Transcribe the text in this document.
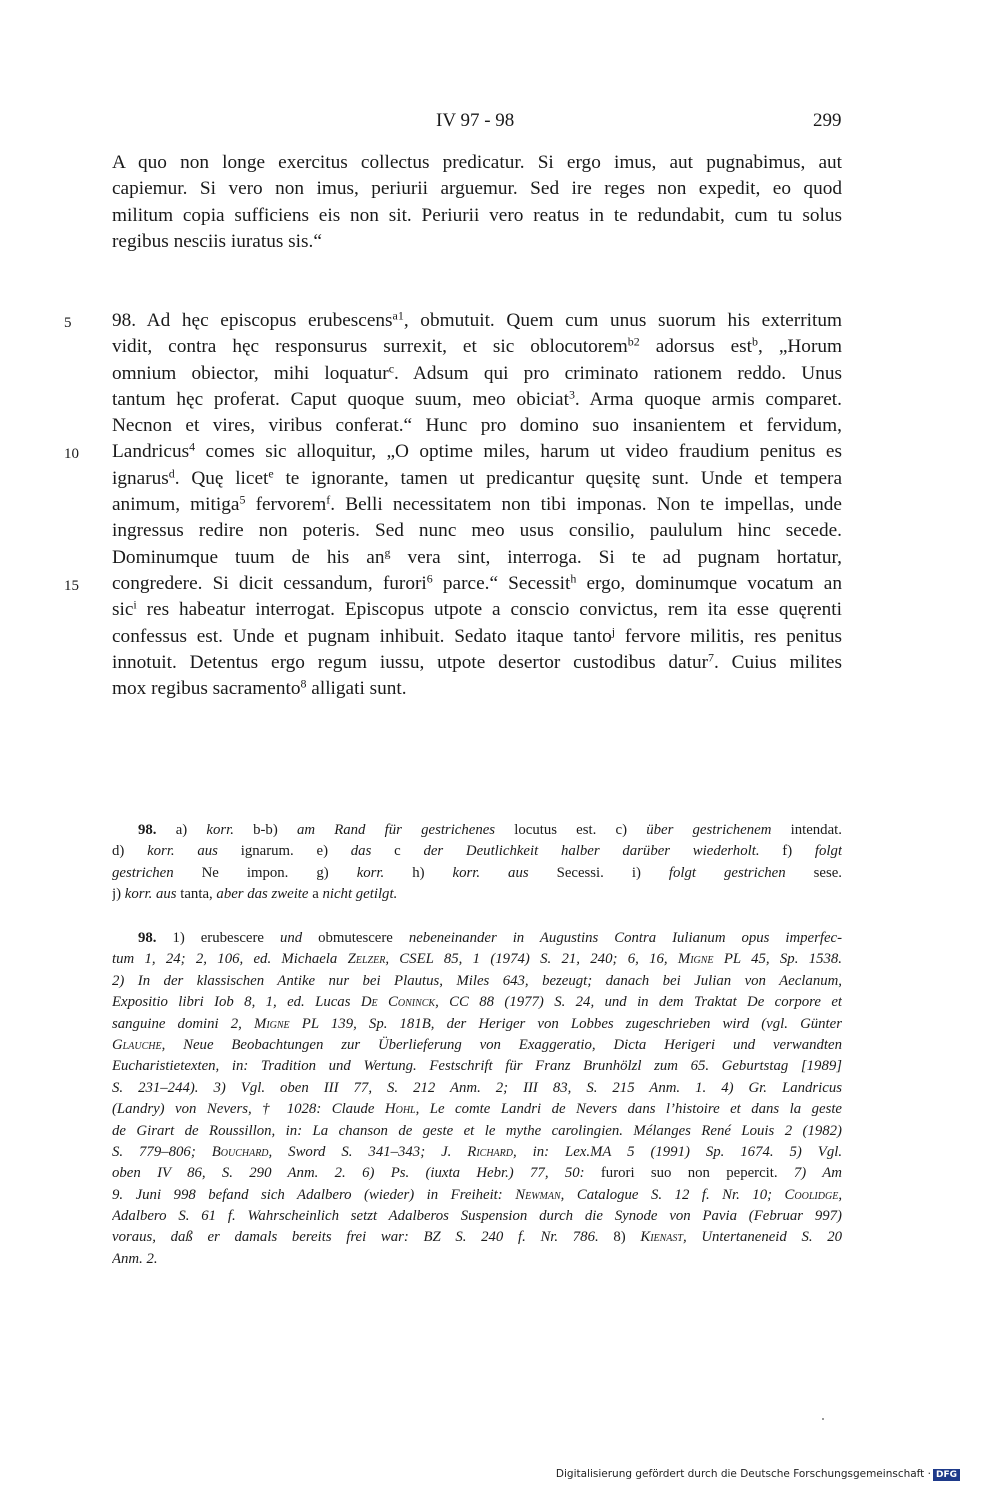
IV 97 - 98	299
A quo non longe exercitus collectus predicatur. Si ergo imus, aut pugnabimus, aut
capiemur. Si vero non imus, periurii arguemur. Sed ire reges non expedit, eo quod
militum copia sufficiens eis non sit. Periurii vero reatus in te redundabit, cum tu solus
regibus nesciis iuratus sis.“
5
10
15
98. Ad hęc episcopus erubescens$^{a1}$, obmutuit. Quem cum unus suorum his exterritum
vidit, contra hęc responsurus surrexit, et sic oblocutorem$^{b2}$ adorsus est$^b$, „Horum
omnium obiector, mihi loquatur$^c$. Adsum qui pro criminato rationem reddo. Unus
tantum hęc proferat. Caput quoque suum, meo obiciat$^3$. Arma quoque armis comparet.
Necnon et vires, viribus conferat.“ Hunc pro domino suo insanientem et fervidum,
Landricus$^4$ comes sic alloquitur, „O optime miles, harum ut video fraudium penitus es
ignarus$^d$. Quę licet$^e$ te ignorante, tamen ut predicantur quęsitę sunt. Unde et tempera
animum, mitiga$^5$ fervorem$^f$. Belli necessitatem non tibi imponas. Non te impellas, unde
ingressus redire non poteris. Sed nunc meo usus consilio, paululum hinc secede.
Dominumque tuum de his $an^g$ vera sint, interroga. Si te ad pugnam hortatur,
congredere. Si dicit cessandum, furori$^6$ parce.“ Secessit$^h$ ergo, dominumque vocatum an
sic$^i$ res habeatur interrogat. Episcopus utpote a conscio convictus, rem ita esse quęrenti
confessus est. Unde et pugnam inhibuit. Sedato itaque tanto$^j$ fervore militis, res penitus
innotuit. Detentus ergo regum iussu, utpote desertor custodibus datur$^7$. Cuius milites
mox regibus sacramento$^8$ alligati sunt.
98. a) korr. b-b) am Rand für gestrichenes locutus est. c) über gestrichenem intendat.
d) korr. aus ignarum. e) das c der Deutlichkeit halber darüber wiederholt. f) folgt
gestrichen Ne impon. g) korr. h) korr. aus Secessi. i) folgt gestrichen sese.
j) korr. aus tanta, aber das zweite a nicht getilgt.
98. 1) erubescere und obmutescere nebeneinander in Augustins Contra Iulianum opus imperfec-
tum 1, 24; 2, 106, ed. Michaela Zelzer, CSEL 85, 1 (1974) S. 21, 240; 6, 16, Migne PL 45, Sp. 1538.
2) In der klassischen Antike nur bei Plautus, Miles 643, bezeugt; danach bei Julian von Aeclanum,
Expositio libri Iob 8, 1, ed. Lucas De Coninck, CC 88 (1977) S. 24, und in dem Traktat De corpore et
sanguine domini 2, Migne PL 139, Sp. 181B, der Heriger von Lobbes zugeschrieben wird (vgl. Günter
Glauche, Neue Beobachtungen zur Überlieferung von Exaggeratio, Dicta Herigeri und verwandten
Eucharistietexten, in: Tradition und Wertung. Festschrift für Franz Brunhölzl zum 65. Geburtstag [1989]
S. 231–244). 3) Vgl. oben III 77, S. 212 Anm. 2; III 83, S. 215 Anm. 1. 4) Gr. Landricus
(Landry) von Nevers, † 1028: Claude Hohl, Le comte Landri de Nevers dans l’histoire et dans la geste
de Girart de Roussillon, in: La chanson de geste et le mythe carolingien. Mélanges René Louis 2 (1982)
S. 779–806; Bouchard, Sword S. 341–343; J. Richard, in: Lex.MA 5 (1991) Sp. 1674. 5) Vgl.
oben IV 86, S. 290 Anm. 2. 6) Ps. (iuxta Hebr.) 77, 50: furori suo non pepercit. 7) Am
9. Juni 998 befand sich Adalbero (wieder) in Freiheit: Newman, Catalogue S. 12 f. Nr. 10; Coolidge,
Adalbero S. 61 f. Wahrscheinlich setzt Adalberos Suspension durch die Synode von Pavia (Februar 997)
voraus, daß er damals bereits frei war: BZ S. 240 f. Nr. 786. 8) Kienast, Untertaneneid S. 20
Anm. 2.
Digitalisierung gefördert durch die Deutsche Forschungsgemeinschaft · DFG
